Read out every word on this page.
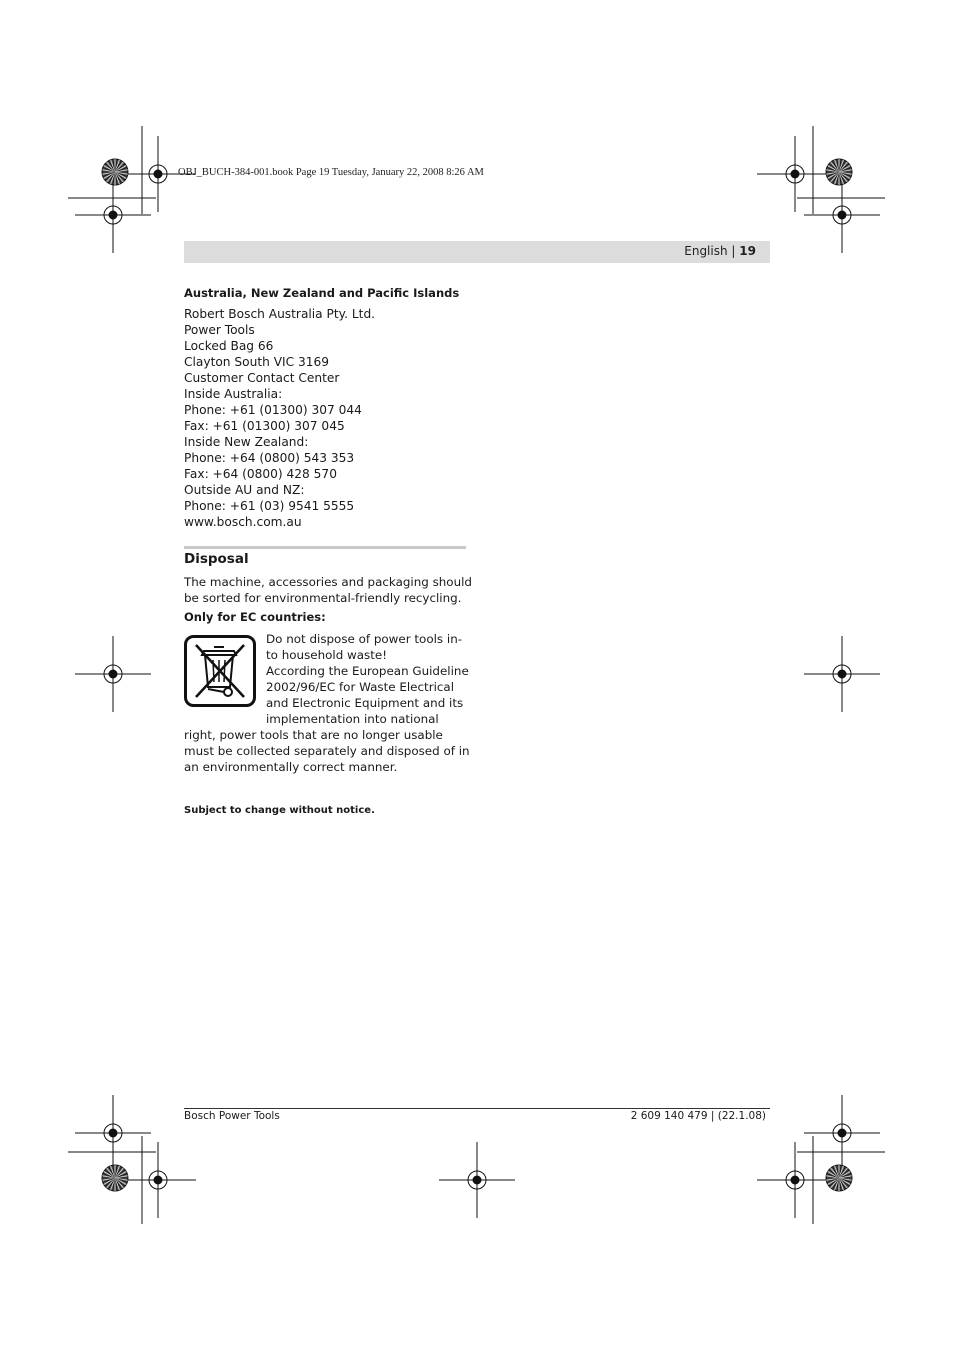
OBJ_BUCH-384-001.book Page 19 Tuesday, January 22, 2008 8:26 AM
English | 19
Australia, New Zealand and Pacific Islands
Robert Bosch Australia Pty. Ltd.
Power Tools
Locked Bag 66
Clayton South VIC 3169
Customer Contact Center
Inside Australia:
Phone: +61 (01300) 307 044
Fax: +61 (01300) 307 045
Inside New Zealand:
Phone: +64 (0800) 543 353
Fax: +64 (0800) 428 570
Outside AU and NZ:
Phone: +61 (03) 9541 5555
www.bosch.com.au
Disposal
The machine, accessories and packaging should
be sorted for environmental-friendly recycling.
Only for EC countries:
Do not dispose of power tools in-
to household waste!
According the European Guideline
2002/96/EC for Waste Electrical
and Electronic Equipment and its
implementation into national
right, power tools that are no longer usable
must be collected separately and disposed of in
an environmentally correct manner.
Subject to change without notice.
Bosch Power Tools	2 609 140 479 | (22.1.08)
